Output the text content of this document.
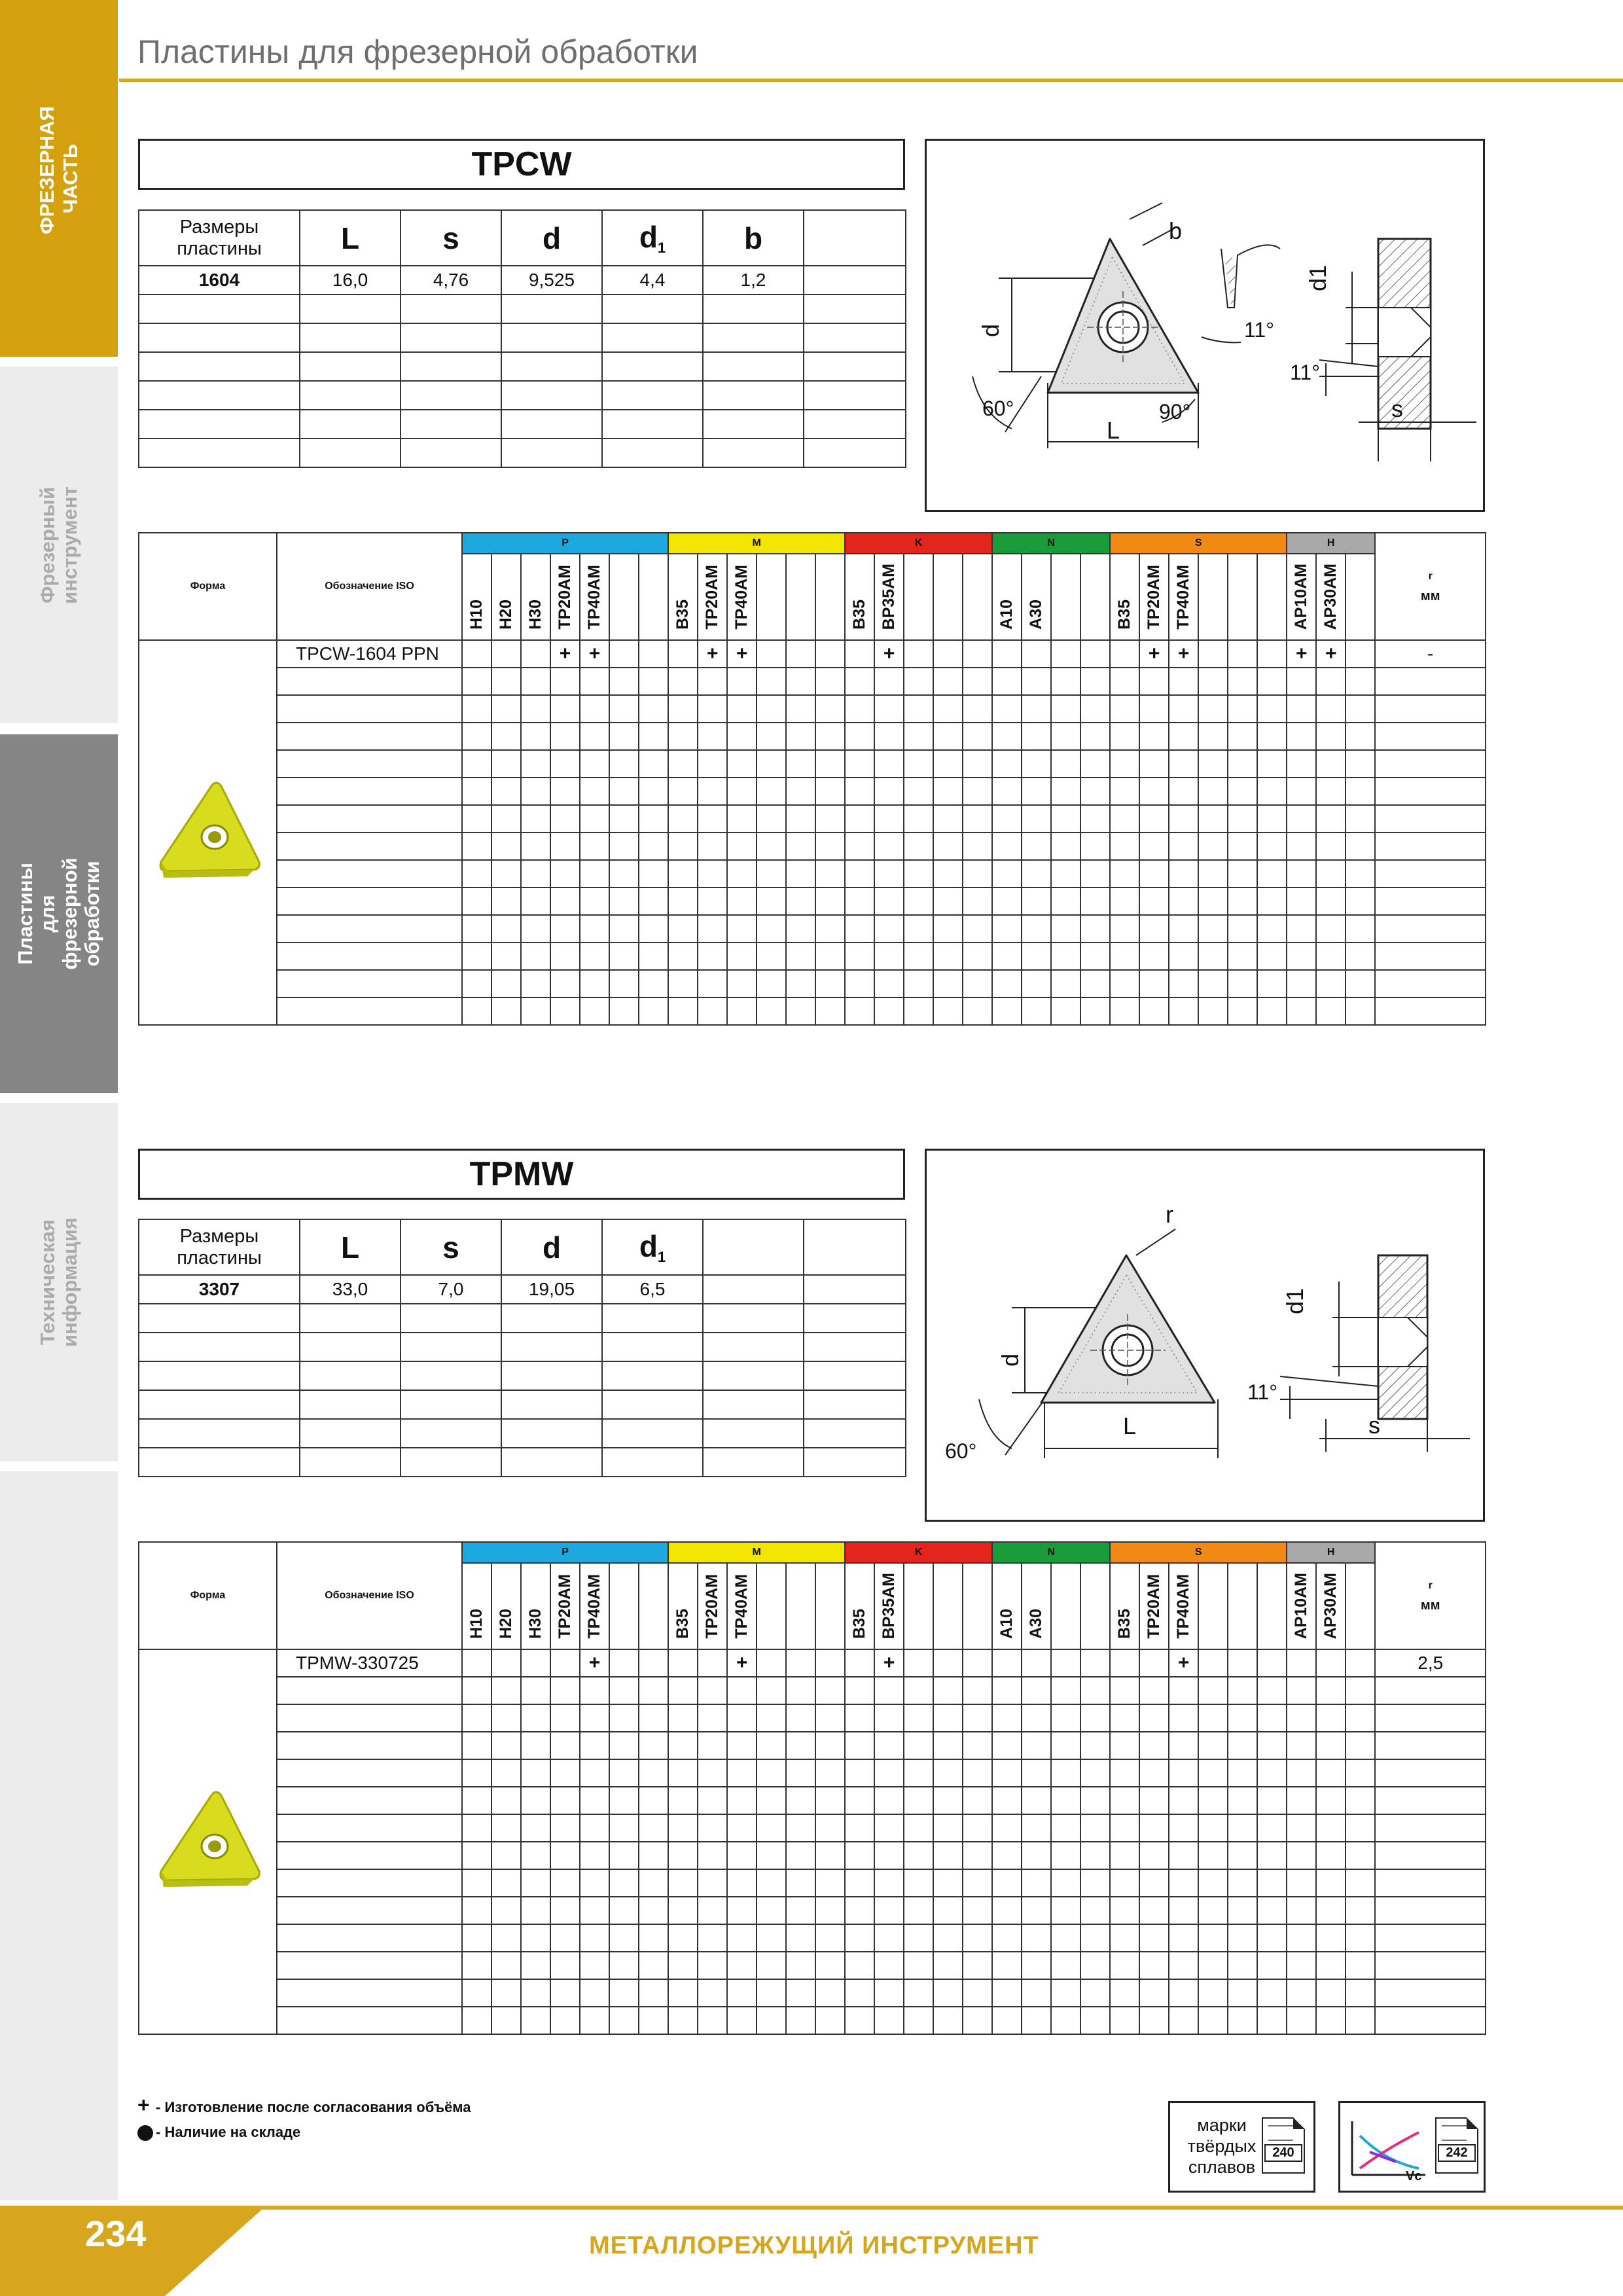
Пластины для фрезерной обработки
ФРЕЗЕРНАЯ ЧАСТЬ
Фрезерный инструмент
Пластины для фрезерной обработки
Техническая информация
TPCW
Размеры пластины	L	s	d	$d_1$	b	
1604	16,0	4,76	9,525	4,4	1,2	

b
d
d1
L
s
60°	90°
11°
11°
Форма	Обозначение ISO	P							M						K					N				S						H			r
мм

		H10	H20	H30	TP20AM	TP40AM			B35	TP20AM	TP40AM				B35	BP35AM				A10	A30			B35	TP20AM	TP40AM				AP10AM	AP30AM		
	TPCW-1604 PPN				+	+				+	+					+									+	+				+	+		-

TPMW
Размеры пластины	L	s	d	$d_1$		
3307	33,0	7,0	19,05	6,5		

r
d
d1
L	s
60°
11°
Форма	Обозначение ISO	P							M						K					N				S						H			r
мм

		H10	H20	H30	TP20AM	TP40AM			B35	TP20AM	TP40AM				B35	BP35AM				A10	A30			B35	TP20AM	TP40AM				AP10AM	AP30AM		
	TPMW-330725					+					+					+										+							2,5

+ - Изготовление после согласования объёма
- Наличие на складе	марки твёрдых сплавов
240
Vc
242
234	МЕТАЛЛОРЕЖУЩИЙ ИНСТРУМЕНТ
